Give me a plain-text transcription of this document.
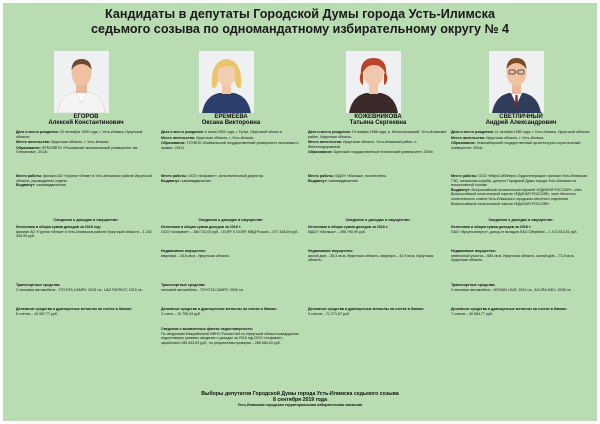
Кандидаты в депутаты Городской Думы города Усть-Илимска
седьмого созыва по одномандатному избирательному округу № 4
ЕГОРОВ
Алексей Константинович

Дата и место рождения: 20 сентября 1990 года, г. Усть-Илимск, Иркутской области.

Место жительства: Иркутская область, г. Усть-Илимск.

Образование: ФГБОУВПО «Российский экономический университет им. Плеханова», 2013г.

Место работы: филиал АО «Группа «Илим» в Усть-Илимском районе Иркутской области, руководитель отдела.

Выдвинут: самовыдвижение.

Сведения о доходах и имуществе:

Источники и общая сумма доходов за 2018 год:

филиал АО «Группа «Илим» в Усть-Илимском районе Иркутской области – 1 202 345,95 руб.

Транспортные средства:

2 легковых автомобиля - TOYOTA CAMRY, 2015 г.в., UAZ PATRIOT, 2015 г.в.

Денежные средства и драгоценные металлы на счетах в банках:

6 счетов – 16 067,77 руб.

ЕРЕМЕЕВА
Оксана Викторовна

Дата и место рождения: 6 июля 1981 года, г. Тулун, Иркутской области.

Место жительства: Иркутская область, г. Усть-Илимск.

Образование: ГОУВПО «Байкальский государственный университет экономики и права», 2010г.

Место работы: ООО «Алфавит», исполнительный директор.

Выдвинут: самовыдвижение.

Сведения о доходах и имуществе:

Источники и общая сумма доходов за 2018 г:

ООО «Алфавит» – 366 720,00 руб., ОСФР, 5 ОСФР, МВД России – 577 448,59 руб.

Недвижимое имущество:

квартира – 44,6 кв.м., Иркутская область.

Транспортные средства:

легковой автомобиль - TOYOTA CAMRY, 2009 г.в.

Денежные средства и драгоценные металлы на счетах в банках:

3 счета – 10 795,43 руб.

Сведения о выявленных фактах недостоверности:

По сведениям Межрайонной ИФНС России №9 по Иркутской области кандидатом недостоверно указаны сведения о доходах за 2018 год ООО «Алфавит», заработано 285 633,53 руб., по результатам проверки – 286 584,53 руб.

КОЖЕВНИКОВА
Татьяна Сергеевна

Дата и место рождения: 19 января 1986 года, р. Железногорский, Усть-Илимский район, Иркутская область.

Место жительства: Иркутская область, Усть-Илимский район, п. Железнодорожный.

Образование: Братский государственный технический университет, 2009г.

Место работы: МДОУ «Малыш», воспитатель.

Выдвинут: самовыдвижение.

Сведения о доходах и имуществе:

Источники и общая сумма доходов за 2018 г:

МДОУ «Малыш» – 398 790,99 руб.

Недвижимое имущество:

жилой дом – 38,3 кв.м, Иркутская область, квартира – 42,9 кв.м, Иркутская область.

Денежные средства и драгоценные металлы на счетах в банках:

9 счетов – 71 271,67 руб.

СВЕТЛИЧНЫЙ
Андрей Александрович

Дата и место рождения: 11 октября 1980 года, г. Усть-Илимск, Иркутской области.

Место жительства: Иркутская область, г. Усть-Илимск.

Образование: Новосибирский государственный архитектурно-строительный университет, 2004г.

Место работы: ООО «ЕвроСибЭнерго-Гидрогенерация» филиал Усть-Илимская ГЭС, начальник службы, депутат Городской Думы города Усть-Илимска на непостоянной основе.

Выдвинут: Всероссийской политической партией «ЕДИНАЯ РОССИЯ», член Всероссийской политической партии «ЕДИНАЯ РОССИЯ», член Местного политического совета Усть-Илимского городского местного отделения Всероссийской политической партии «ЕДИНАЯ РОССИЯ».

Сведения о доходах и имуществе:

Источники и общая сумма доходов за 2018 г:

ПАО «Иркутскэнерго», доход от вкладов ПАО Сбербанк – 1 472 812,81 руб.

Недвижимое имущество:

земельный участок – 680 кв.м, Иркутская область, жилой дом – 71,8 кв.м, Иркутская область.

Транспортные средства:

2 легковых автомобиля - NISSAN LEAF, 2012 г.в., ACURA MDX, 2008 г.в.

Денежные средства и драгоценные металлы на счетах в банках:

7 счетов – 40 584,77 руб.

Выборы депутатов Городской Думы города Усть-Илимска седьмого созыва
8 сентября 2019 года
Усть-Илимская городская территориальная избирательная комиссия
